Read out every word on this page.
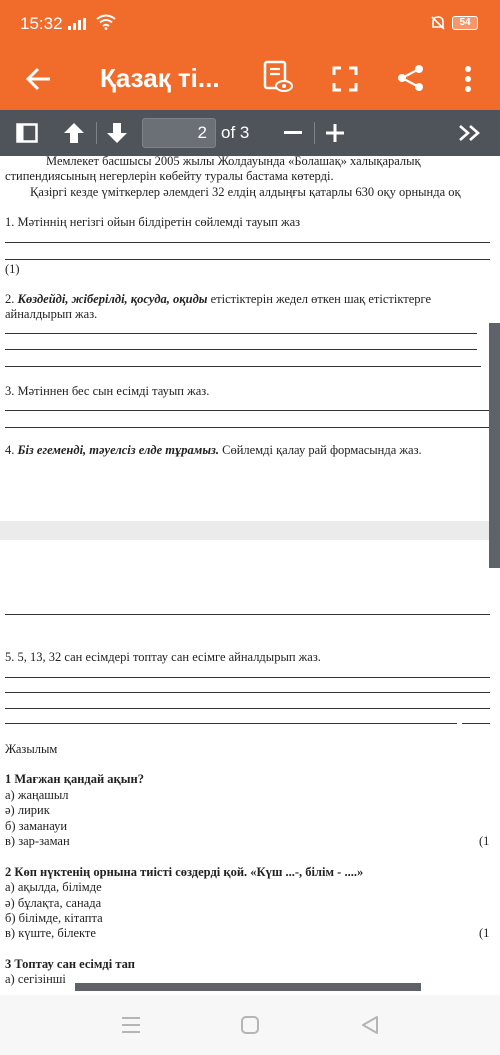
15:32	54
Қазақ ті...
2 of 3
Мемлекет басшысы 2005 жылы Жолдауында «Болашақ» халықаралық
стипендиясының негерлерін көбейту туралы бастама көтерді.
Қазіргі кезде үміткерлер әлемдегі 32 елдің алдыңғы қатарлы 630 оқу орнында оқ
1. Мәтіннің негізгі ойын білдіретін сөйлемді тауып жаз
(1)
2. Көздейді, жіберілді, қосуда, оқиды етістіктерін жедел өткен шақ етістіктерге
айналдырып жаз.
3. Мәтіннен бес сын есімді тауып жаз.
4. Біз егеменді, тәуелсіз елде тұрамыз. Сөйлемді қалау рай формасында жаз.
5. 5, 13, 32 сан есімдері топтау сан есімге айналдырып жаз.
Жазылым
1 Мағжан қандай ақын?
а) жаңашыл
ә) лирик
б) заманауи
в) зар-заман	(1
2 Көп нүктенің орнына тиісті сөздерді қой. «Күш ...-, білім - ....»
а) ақылда, білімде
ә) бұлақта, санада
б) білімде, кітапта
в) күште, білекте	(1
3 Топтау сан есімді тап
а) сегізінші
